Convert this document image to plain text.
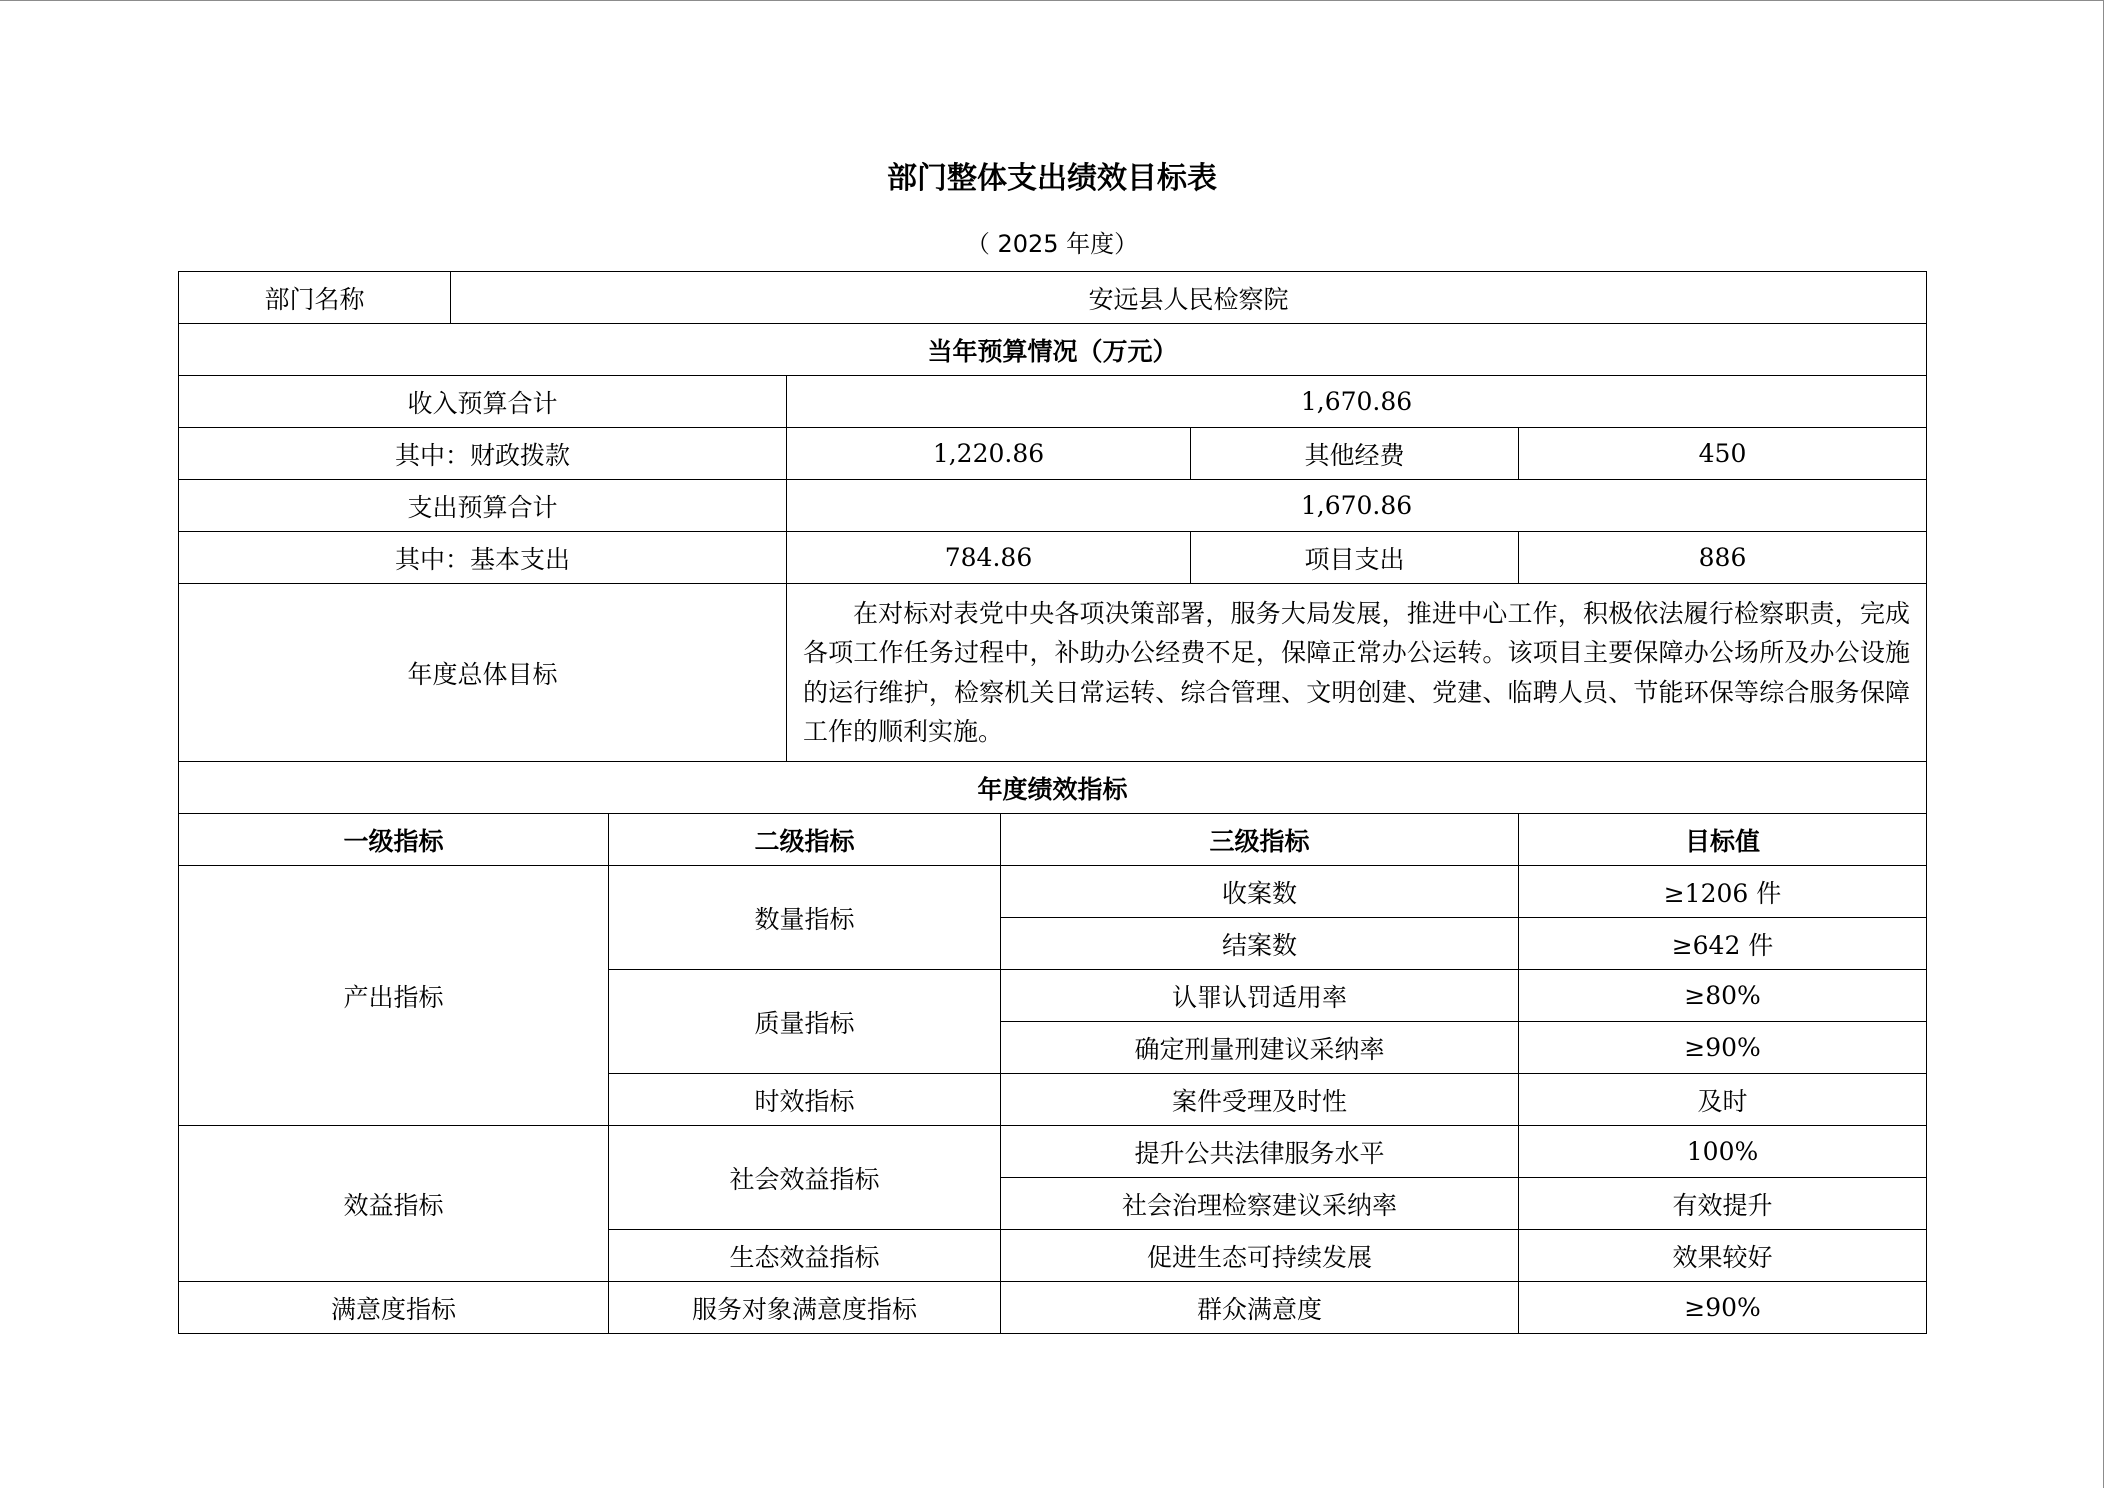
部门整体支出绩效目标表
（ 2025 年度）
部门名称	安远县人民检察院					
当年预算情况（万元）						
收入预算合计			1,670.86			
其中：财政拨款			1,220.86		其他经费	450
支出预算合计			1,670.86			
其中：基本支出			784.86		项目支出	886
年度总体目标			在对标对表党中央各项决策部署，服务大局发展，推进中心工作，积极依法履行检察职责，完成各项工作任务过程中，补助办公经费不足，保障正常办公运转。该项目主要保障办公场所及办公设施的运行维护，检察机关日常运转、综合管理、文明创建、党建、临聘人员、节能环保等综合服务保障工作的顺利实施。			
年度绩效指标						
一级指标		二级指标		三级指标		目标值
产出指标		数量指标		收案数		≥1206 件
				结案数		≥642 件
		质量指标		认罪认罚适用率		≥80%
				确定刑量刑建议采纳率		≥90%
		时效指标		案件受理及时性		及时
效益指标		社会效益指标		提升公共法律服务水平		100%
				社会治理检察建议采纳率		有效提升
		生态效益指标		促进生态可持续发展		效果较好
满意度指标		服务对象满意度指标		群众满意度		≥90%
